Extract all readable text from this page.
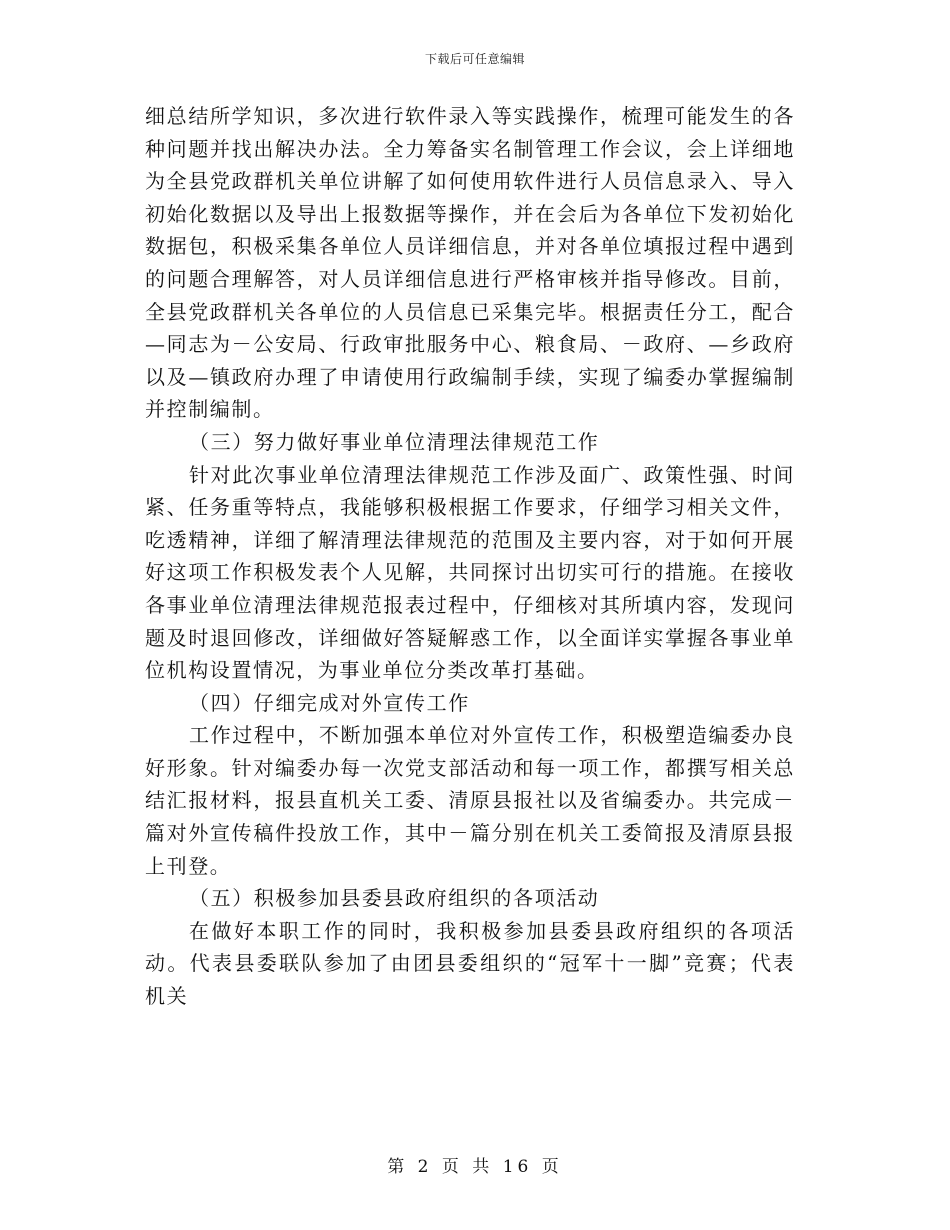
下载后可任意编辑

细总结所学知识，多次进行软件录入等实践操作，梳理可能发生的各种问题并找出解决办法。全力筹备实名制管理工作会议，会上详细地为全县党政群机关单位讲解了如何使用软件进行人员信息录入、导入初始化数据以及导出上报数据等操作，并在会后为各单位下发初始化数据包，积极采集各单位人员详细信息，并对各单位填报过程中遇到的问题合理解答，对人员详细信息进行严格审核并指导修改。目前，全县党政群机关各单位的人员信息已采集完毕。根据责任分工，配合—同志为－公安局、行政审批服务中心、粮食局、－政府、—乡政府以及—镇政府办理了申请使用行政编制手续，实现了编委办掌握编制并控制编制。

（三）努力做好事业单位清理法律规范工作

针对此次事业单位清理法律规范工作涉及面广、政策性强、时间紧、任务重等特点，我能够积极根据工作要求，仔细学习相关文件，吃透精神，详细了解清理法律规范的范围及主要内容，对于如何开展好这项工作积极发表个人见解，共同探讨出切实可行的措施。在接收各事业单位清理法律规范报表过程中，仔细核对其所填内容，发现问题及时退回修改，详细做好答疑解惑工作，以全面详实掌握各事业单位机构设置情况，为事业单位分类改革打基础。

（四）仔细完成对外宣传工作

工作过程中，不断加强本单位对外宣传工作，积极塑造编委办良好形象。针对编委办每一次党支部活动和每一项工作，都撰写相关总结汇报材料，报县直机关工委、清原县报社以及省编委办。共完成－篇对外宣传稿件投放工作，其中－篇分别在机关工委简报及清原县报上刊登。

（五）积极参加县委县政府组织的各项活动

在做好本职工作的同时，我积极参加县委县政府组织的各项活动。代表县委联队参加了由团县委组织的“冠军十一脚”竞赛；代表机关

第 2 页 共 16 页
